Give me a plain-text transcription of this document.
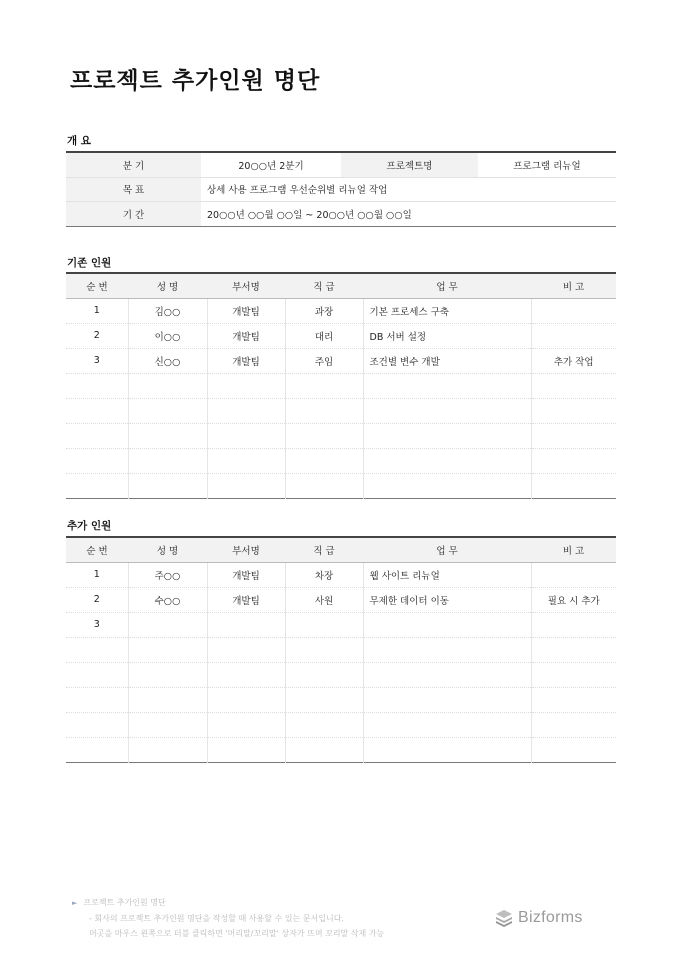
프로젝트 추가인원 명단
개 요
분 기	20○○년 2분기	프로젝트명	프로그램 리뉴얼
목 표	상세 사용 프로그램 우선순위별 리뉴얼 작업		
기 간	20○○년 ○○월 ○○일 ~ 20○○년 ○○월 ○○일		
기존 인원
순 번	성 명	부서명	직 급	업 무	비 고
1	김○○	개발팀	과장	기본 프로세스 구축	
2	이○○	개발팀	대리	DB 서버 설정	
3	신○○	개발팀	주임	조건별 변수 개발	추가 작업

추가 인원
순 번	성 명	부서명	직 급	업 무	비 고
1	주○○	개발팀	차장	웹 사이트 리뉴얼	
2	수○○	개발팀	사원	무제한 데이터 이동	필요 시 추가
3					

► 프로젝트 추가인원 명단
- 회사의 프로젝트 추가인원 명단을 작성할 때 사용할 수 있는 문서입니다.
머곳을 마우스 왼쪽으로 더블 클릭하면 '머리말/꼬리말' 상자가 뜨며 꼬리말 삭제 가능
Bizforms
